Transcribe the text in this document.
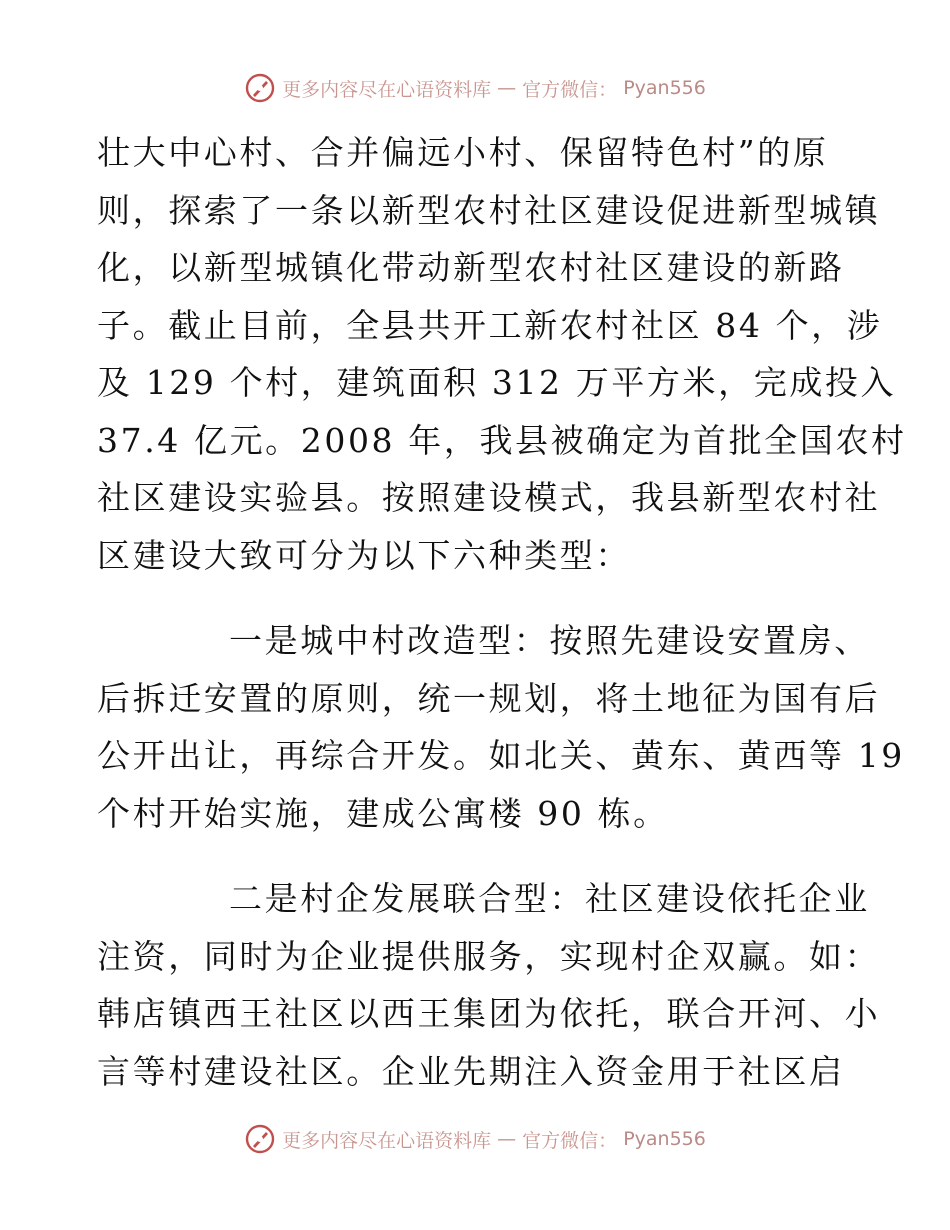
更多内容尽在心语资料库 — 官方微信： Pyan556
壮大中心村、合并偏远小村、保留特色村”的原
则，探索了一条以新型农村社区建设促进新型城镇
化，以新型城镇化带动新型农村社区建设的新路
子。截止目前，全县共开工新农村社区 84 个，涉
及 129 个村，建筑面积 312 万平方米，完成投入
37.4 亿元。2008 年，我县被确定为首批全国农村
社区建设实验县。按照建设模式，我县新型农村社
区建设大致可分为以下六种类型：
一是城中村改造型：按照先建设安置房、
后拆迁安置的原则，统一规划，将土地征为国有后
公开出让，再综合开发。如北关、黄东、黄西等 19
个村开始实施，建成公寓楼 90 栋。
二是村企发展联合型：社区建设依托企业
注资，同时为企业提供服务，实现村企双赢。如：
韩店镇西王社区以西王集团为依托，联合开河、小
言等村建设社区。企业先期注入资金用于社区启
更多内容尽在心语资料库 — 官方微信： Pyan556
